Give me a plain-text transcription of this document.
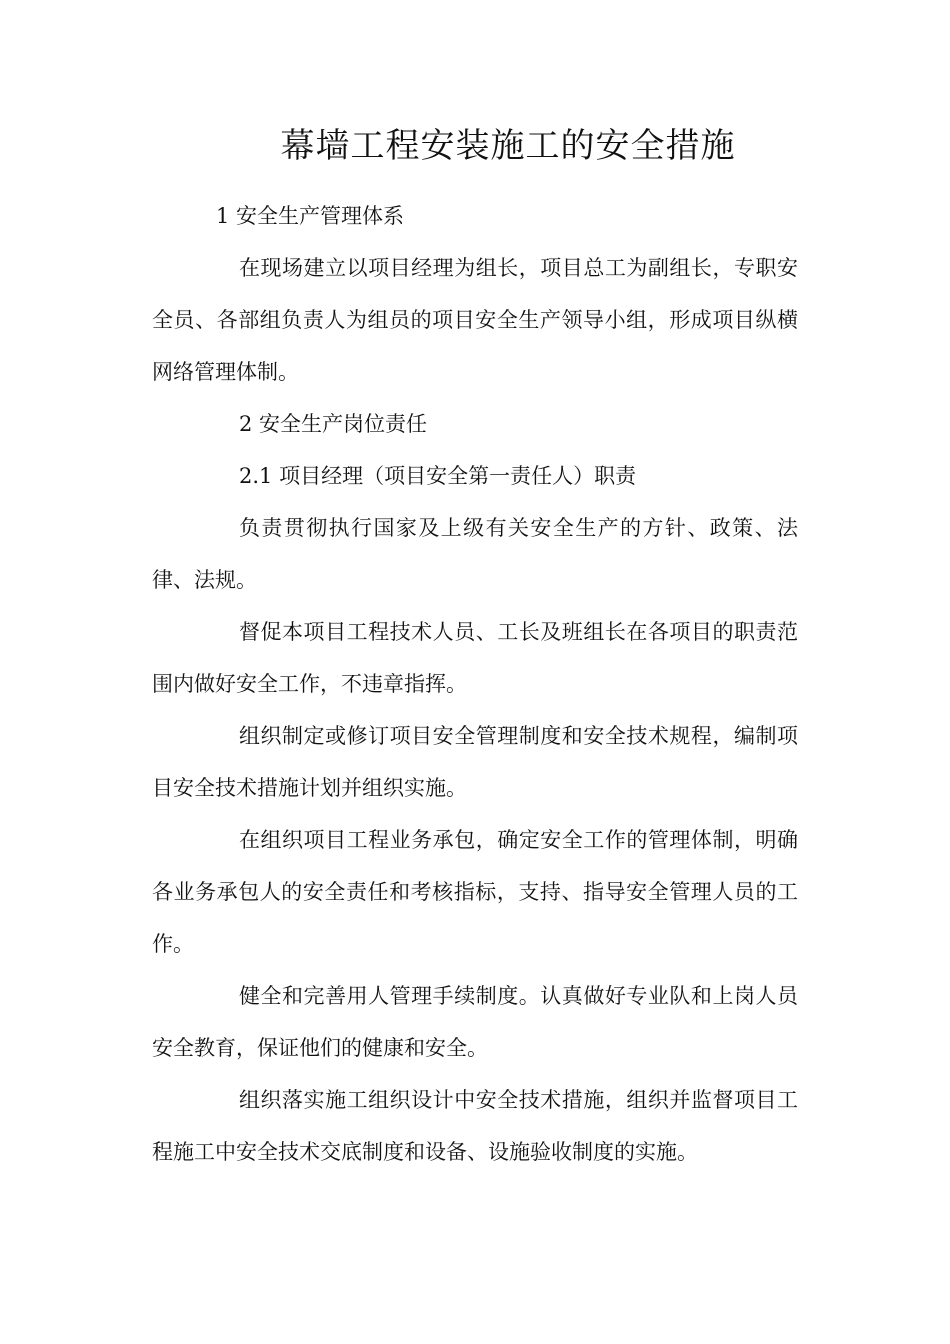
幕墙工程安装施工的安全措施

1 安全生产管理体系

在现场建立以项目经理为组长，项目总工为副组长，专职安全员、各部组负责人为组员的项目安全生产领导小组，形成项目纵横网络管理体制。

2 安全生产岗位责任

2.1 项目经理（项目安全第一责任人）职责

负责贯彻执行国家及上级有关安全生产的方针、政策、法律、法规。

督促本项目工程技术人员、工长及班组长在各项目的职责范围内做好安全工作，不违章指挥。

组织制定或修订项目安全管理制度和安全技术规程，编制项目安全技术措施计划并组织实施。

在组织项目工程业务承包，确定安全工作的管理体制，明确各业务承包人的安全责任和考核指标，支持、指导安全管理人员的工作。

健全和完善用人管理手续制度。认真做好专业队和上岗人员安全教育，保证他们的健康和安全。

组织落实施工组织设计中安全技术措施，组织并监督项目工程施工中安全技术交底制度和设备、设施验收制度的实施。
